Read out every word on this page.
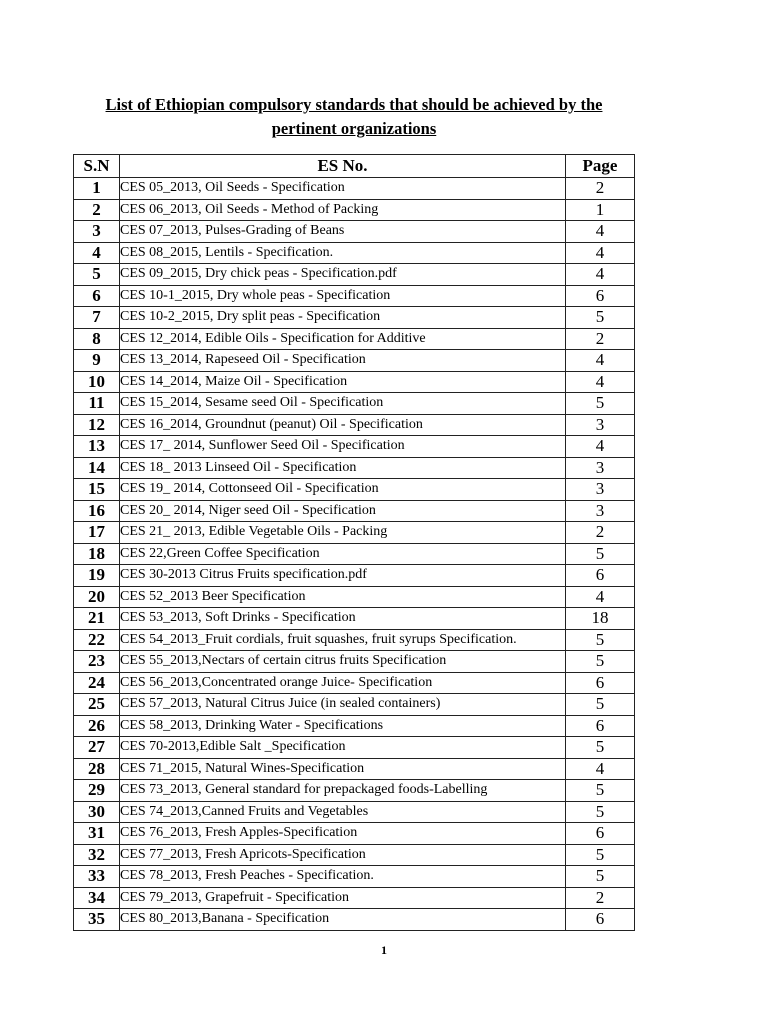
List of Ethiopian compulsory standards that should be achieved by the
pertinent organizations
S.N	ES No.	Page
1	CES 05_2013, Oil Seeds - Specification	2
2	CES 06_2013, Oil Seeds - Method of Packing	1
3	CES 07_2013, Pulses-Grading of Beans	4
4	CES 08_2015, Lentils - Specification.	4
5	CES 09_2015, Dry chick peas - Specification.pdf	4
6	CES 10-1_2015, Dry whole peas - Specification	6
7	CES 10-2_2015, Dry split peas - Specification	5
8	CES 12_2014, Edible Oils - Specification for Additive	2
9	CES 13_2014, Rapeseed Oil - Specification	4
10	CES 14_2014, Maize Oil - Specification	4
11	CES 15_2014, Sesame seed Oil - Specification	5
12	CES 16_2014, Groundnut (peanut) Oil - Specification	3
13	CES 17_ 2014, Sunflower Seed Oil - Specification	4
14	CES 18_ 2013 Linseed Oil - Specification	3
15	CES 19_ 2014, Cottonseed Oil - Specification	3
16	CES 20_ 2014, Niger seed Oil - Specification	3
17	CES 21_ 2013, Edible Vegetable Oils - Packing	2
18	CES 22,Green Coffee Specification	5
19	CES 30-2013 Citrus Fruits specification.pdf	6
20	CES 52_2013 Beer Specification	4
21	CES 53_2013, Soft Drinks - Specification	18
22	CES 54_2013_Fruit cordials, fruit squashes, fruit syrups Specification.	5
23	CES 55_2013,Nectars of certain citrus fruits Specification	5
24	CES 56_2013,Concentrated orange Juice- Specification	6
25	CES 57_2013, Natural Citrus Juice (in sealed containers)	5
26	CES 58_2013, Drinking Water - Specifications	6
27	CES 70-2013,Edible Salt _Specification	5
28	CES 71_2015, Natural Wines-Specification	4
29	CES 73_2013, General standard for prepackaged foods-Labelling	5
30	CES 74_2013,Canned Fruits and Vegetables	5
31	CES 76_2013, Fresh Apples-Specification	6
32	CES 77_2013, Fresh Apricots-Specification	5
33	CES 78_2013, Fresh Peaches - Specification.	5
34	CES 79_2013, Grapefruit - Specification	2
35	CES 80_2013,Banana - Specification	6
1
